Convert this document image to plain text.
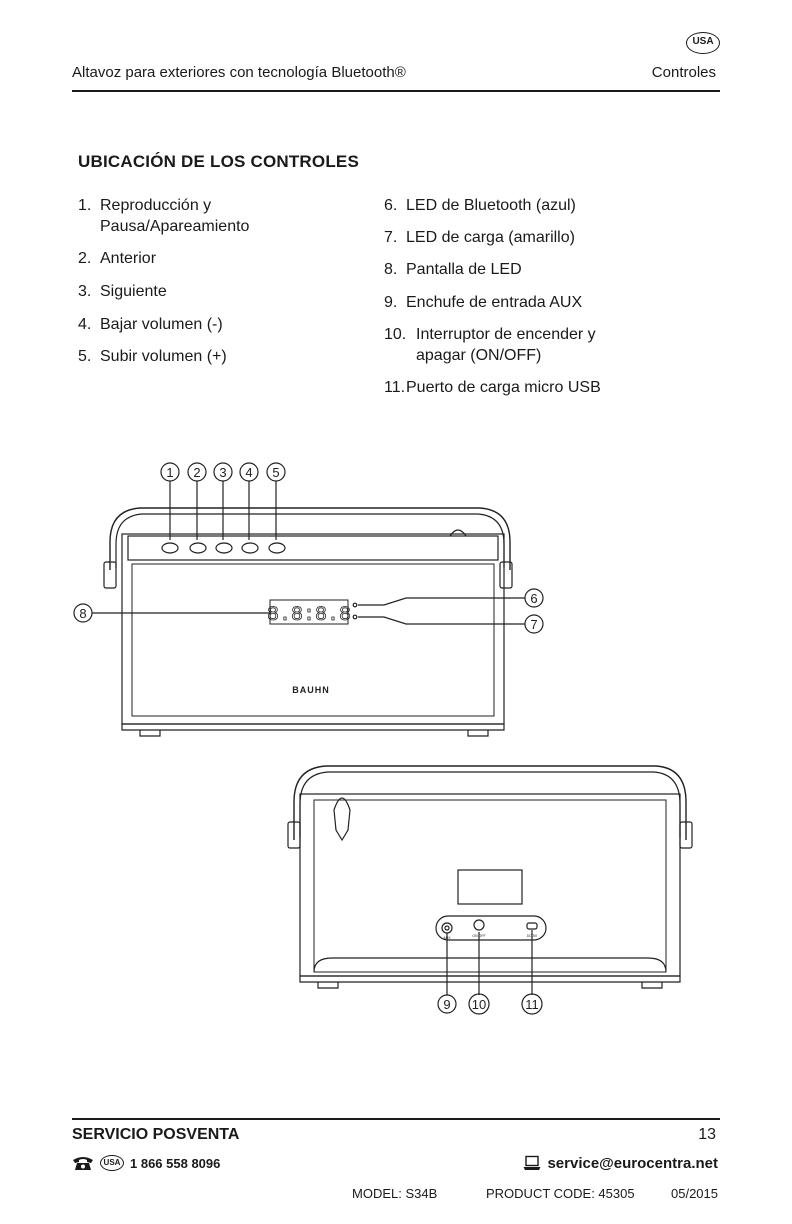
USA
Altavoz para exteriores con tecnología Bluetooth®	Controles
UBICACIÓN DE LOS CONTROLES
1. Reproducción y
Pausa/Apareamiento
2. Anterior
3. Siguiente
4. Bajar volumen (-)
5. Subir volumen (+)
6. LED de Bluetooth (azul)
7. LED de carga (amarillo)
8. Pantalla de LED
9. Enchufe de entrada AUX
10. Interruptor de encender y
apagar (ON/OFF)
11.Puerto de carga micro USB
8.8:8.8
BAUHN
AUX	ON OFF	DC 5V
1 2 3 4 5
6
7
8
9 10	11
SERVICIO POSVENTA	13
USA 1 866 558 8096	service@eurocentra.net
MODEL: S34B	PRODUCT CODE: 45305	05/2015
